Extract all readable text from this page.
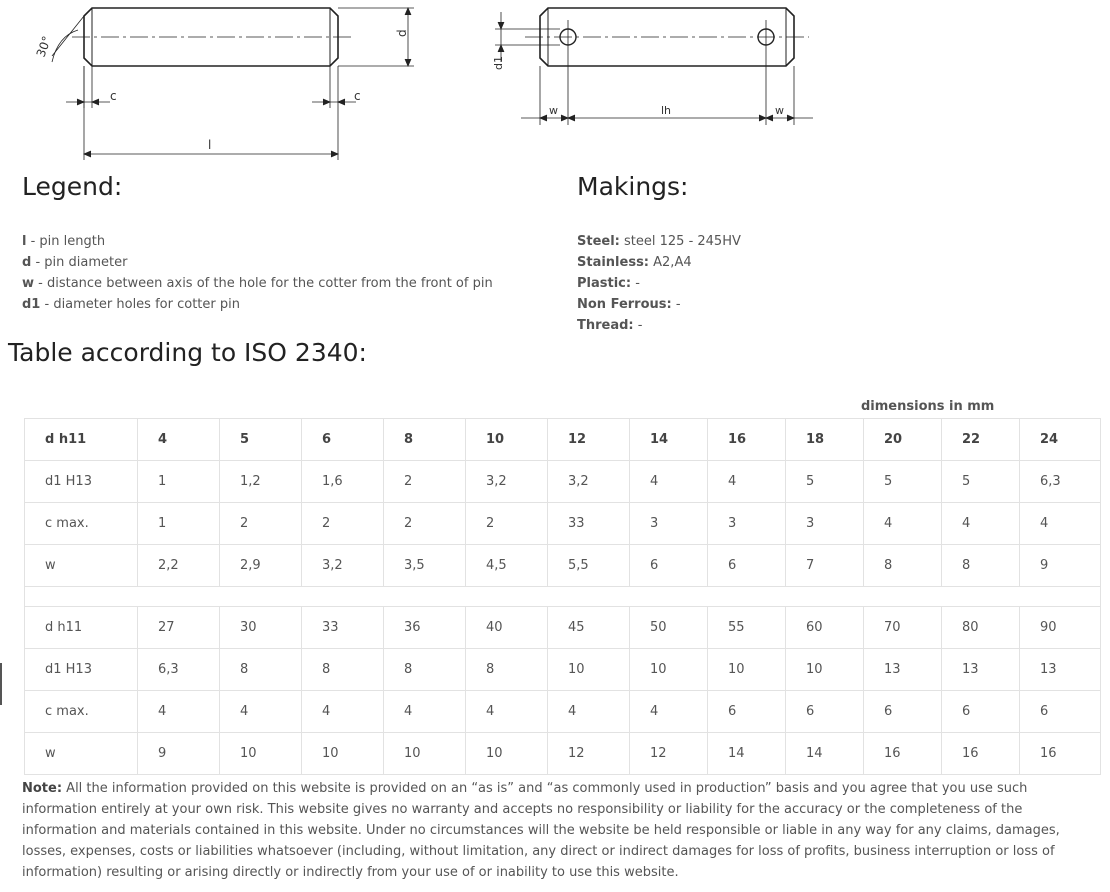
d
30°
c	c
l
d1
w	lh	w
Legend:
l - pin length
d - pin diameter
w - distance between axis of the hole for the cotter from the front of pin
d1 - diameter holes for cotter pin
Makings:
Steel: steel 125 - 245HV
Stainless: A2,A4
Plastic: -
Non Ferrous: -
Thread: -
Table according to ISO 2340:
dimensions in mm
d h11	4	5	6	8	10	12	14	16	18	20	22	24
d1 H13	1	1,2	1,6	2	3,2	3,2	4	4	5	5	5	6,3
c max.	1	2	2	2	2	33	3	3	3	4	4	4
w	2,2	2,9	3,2	3,5	4,5	5,5	6	6	7	8	8	9

d h11	27	30	33	36	40	45	50	55	60	70	80	90
d1 H13	6,3	8	8	8	8	10	10	10	10	13	13	13
c max.	4	4	4	4	4	4	4	6	6	6	6	6
w	9	10	10	10	10	12	12	14	14	16	16	16
Note: All the information provided on this website is provided on an “as is” and “as commonly used in production” basis and you agree that you use such information entirely at your own risk. This website gives no warranty and accepts no responsibility or liability for the accuracy or the completeness of the information and materials contained in this website. Under no circumstances will the website be held responsible or liable in any way for any claims, damages, losses, expenses, costs or liabilities whatsoever (including, without limitation, any direct or indirect damages for loss of profits, business interruption or loss of information) resulting or arising directly or indirectly from your use of or inability to use this website.
